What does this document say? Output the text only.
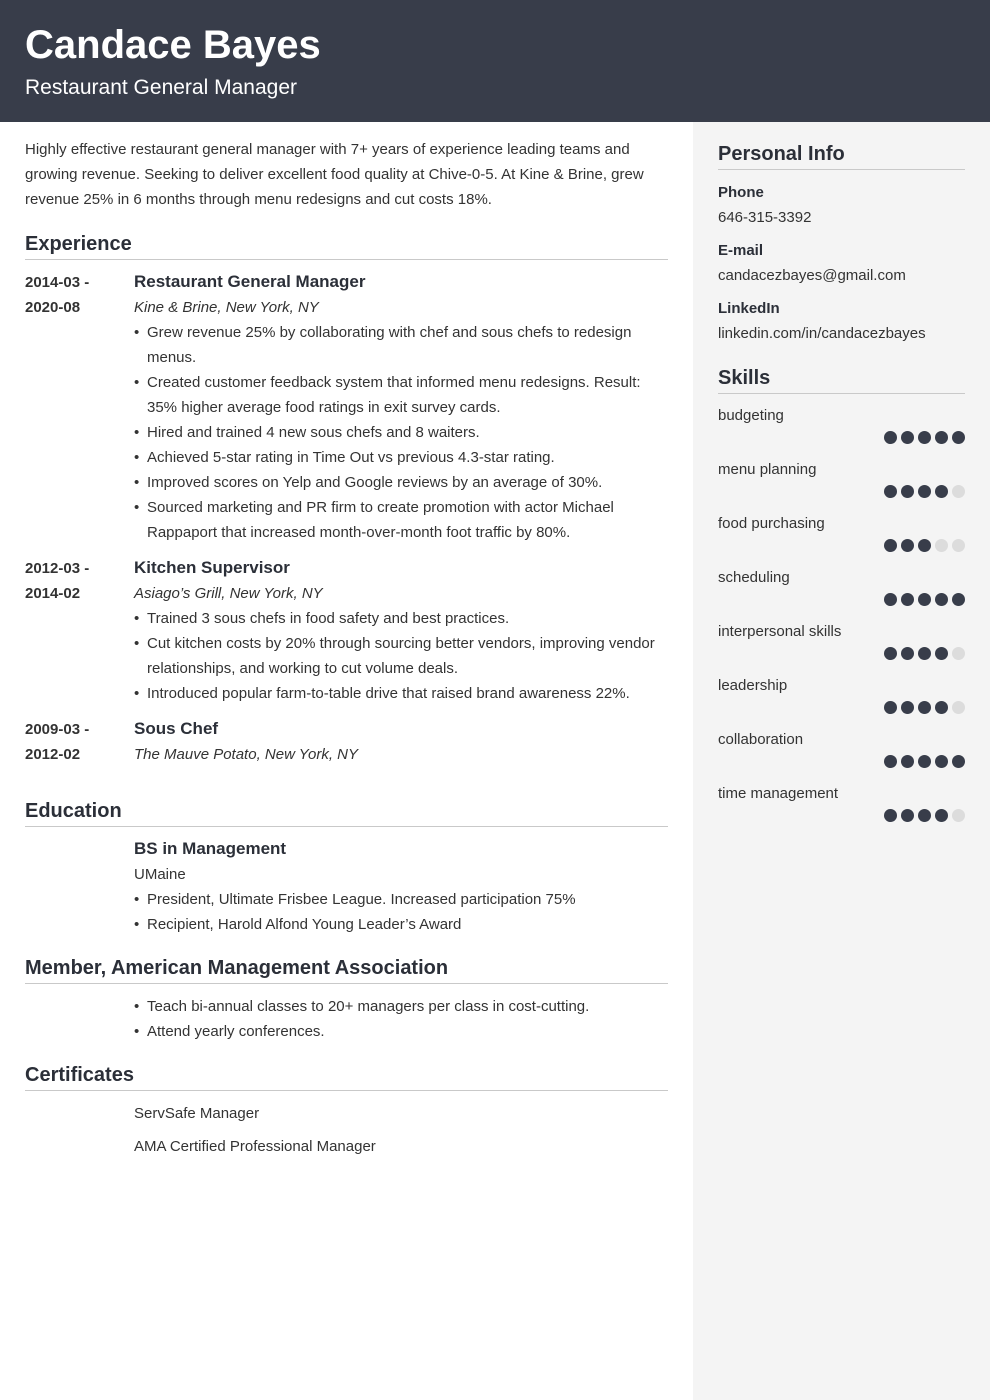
Candace Bayes
Restaurant General Manager

Highly effective restaurant general manager with 7+ years of experience leading teams and growing revenue. Seeking to deliver excellent food quality at Chive-0-5. At Kine & Brine, grew revenue 25% in 6 months through menu redesigns and cut costs 18%.

Experience
2014-03 -
2020-08
Restaurant General Manager
Kine & Brine, New York, NY
• Grew revenue 25% by collaborating with chef and sous chefs to redesign menus.
• Created customer feedback system that informed menu redesigns. Result: 35% higher average food ratings in exit survey cards.
• Hired and trained 4 new sous chefs and 8 waiters.
• Achieved 5-star rating in Time Out vs previous 4.3-star rating.
• Improved scores on Yelp and Google reviews by an average of 30%.
• Sourced marketing and PR firm to create promotion with actor Michael Rappaport that increased month-over-month foot traffic by 80%.
2012-03 -
2014-02
Kitchen Supervisor
Asiago’s Grill, New York, NY
• Trained 3 sous chefs in food safety and best practices.
• Cut kitchen costs by 20% through sourcing better vendors, improving vendor relationships, and working to cut volume deals.
• Introduced popular farm-to-table drive that raised brand awareness 22%.
2009-03 -
2012-02
Sous Chef
The Mauve Potato, New York, NY
Education
BS in Management
UMaine
• President, Ultimate Frisbee League. Increased participation 75%
• Recipient, Harold Alfond Young Leader’s Award
Member, American Management Association
• Teach bi-annual classes to 20+ managers per class in cost-cutting.
• Attend yearly conferences.
Certificates
ServSafe Manager
AMA Certified Professional Manager
Personal Info
Phone
646-315-3392
E-mail
candacezbayes@gmail.com
LinkedIn
linkedin.com/in/candacezbayes
Skills
budgeting
menu planning
food purchasing
scheduling
interpersonal skills
leadership
collaboration
time management
